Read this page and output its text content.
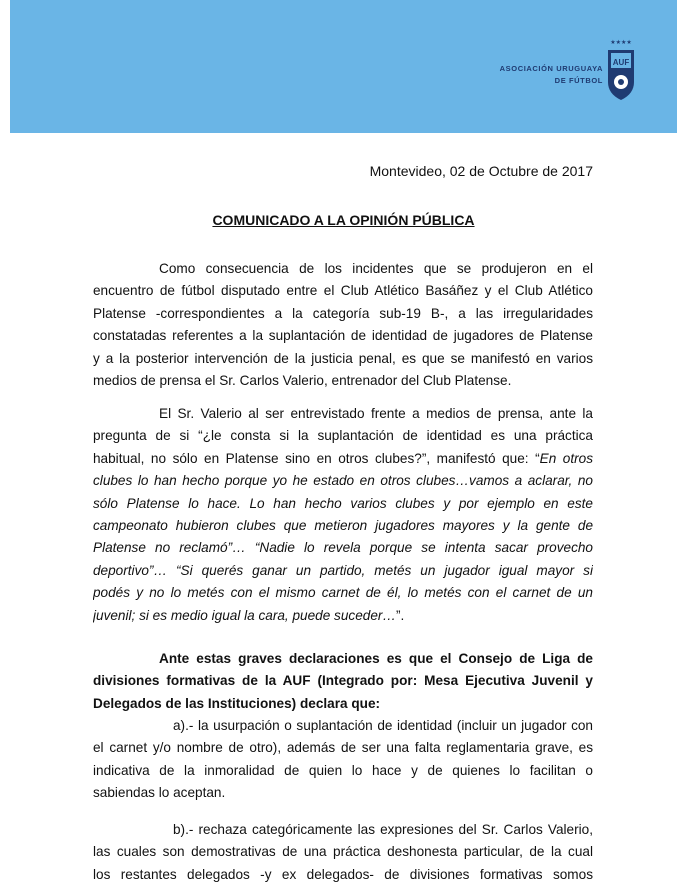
ASOCIACIÓN URUGUAYA
DE FÚTBOL
★★★★
AUF
Montevideo, 02 de Octubre de 2017
COMUNICADO A LA OPINIÓN PÚBLICA
Como consecuencia de los incidentes que se produjeron en el
encuentro de fútbol disputado entre el Club Atlético Basáñez y el Club Atlético
Platense -correspondientes a la categoría sub-19 B-, a las irregularidades
constatadas referentes a la suplantación de identidad de jugadores de Platense
y a la posterior intervención de la justicia penal, es que se manifestó en varios
medios de prensa el Sr. Carlos Valerio, entrenador del Club Platense.
El Sr. Valerio al ser entrevistado frente a medios de prensa, ante la
pregunta de si “¿le consta si la suplantación de identidad es una práctica
habitual, no sólo en Platense sino en otros clubes?”, manifestó que: “En otros
clubes lo han hecho porque yo he estado en otros clubes…vamos a aclarar, no
sólo Platense lo hace. Lo han hecho varios clubes y por ejemplo en este
campeonato hubieron clubes que metieron jugadores mayores y la gente de
Platense no reclamó”… “Nadie lo revela porque se intenta sacar provecho
deportivo”… “Si querés ganar un partido, metés un jugador igual mayor si
podés y no lo metés con el mismo carnet de él, lo metés con el carnet de un
juvenil; si es medio igual la cara, puede suceder…”.
Ante estas graves declaraciones es que el Consejo de Liga de
divisiones formativas de la AUF (Integrado por: Mesa Ejecutiva Juvenil y
Delegados de las Instituciones) declara que:
a).- la usurpación o suplantación de identidad (incluir un jugador con
el carnet y/o nombre de otro), además de ser una falta reglamentaria grave, es
indicativa de la inmoralidad de quien lo hace y de quienes lo facilitan o
sabiendas lo aceptan.
b).- rechaza categóricamente las expresiones del Sr. Carlos Valerio,
las cuales son demostrativas de una práctica deshonesta particular, de la cual
los restantes delegados -y ex delegados- de divisiones formativas somos
